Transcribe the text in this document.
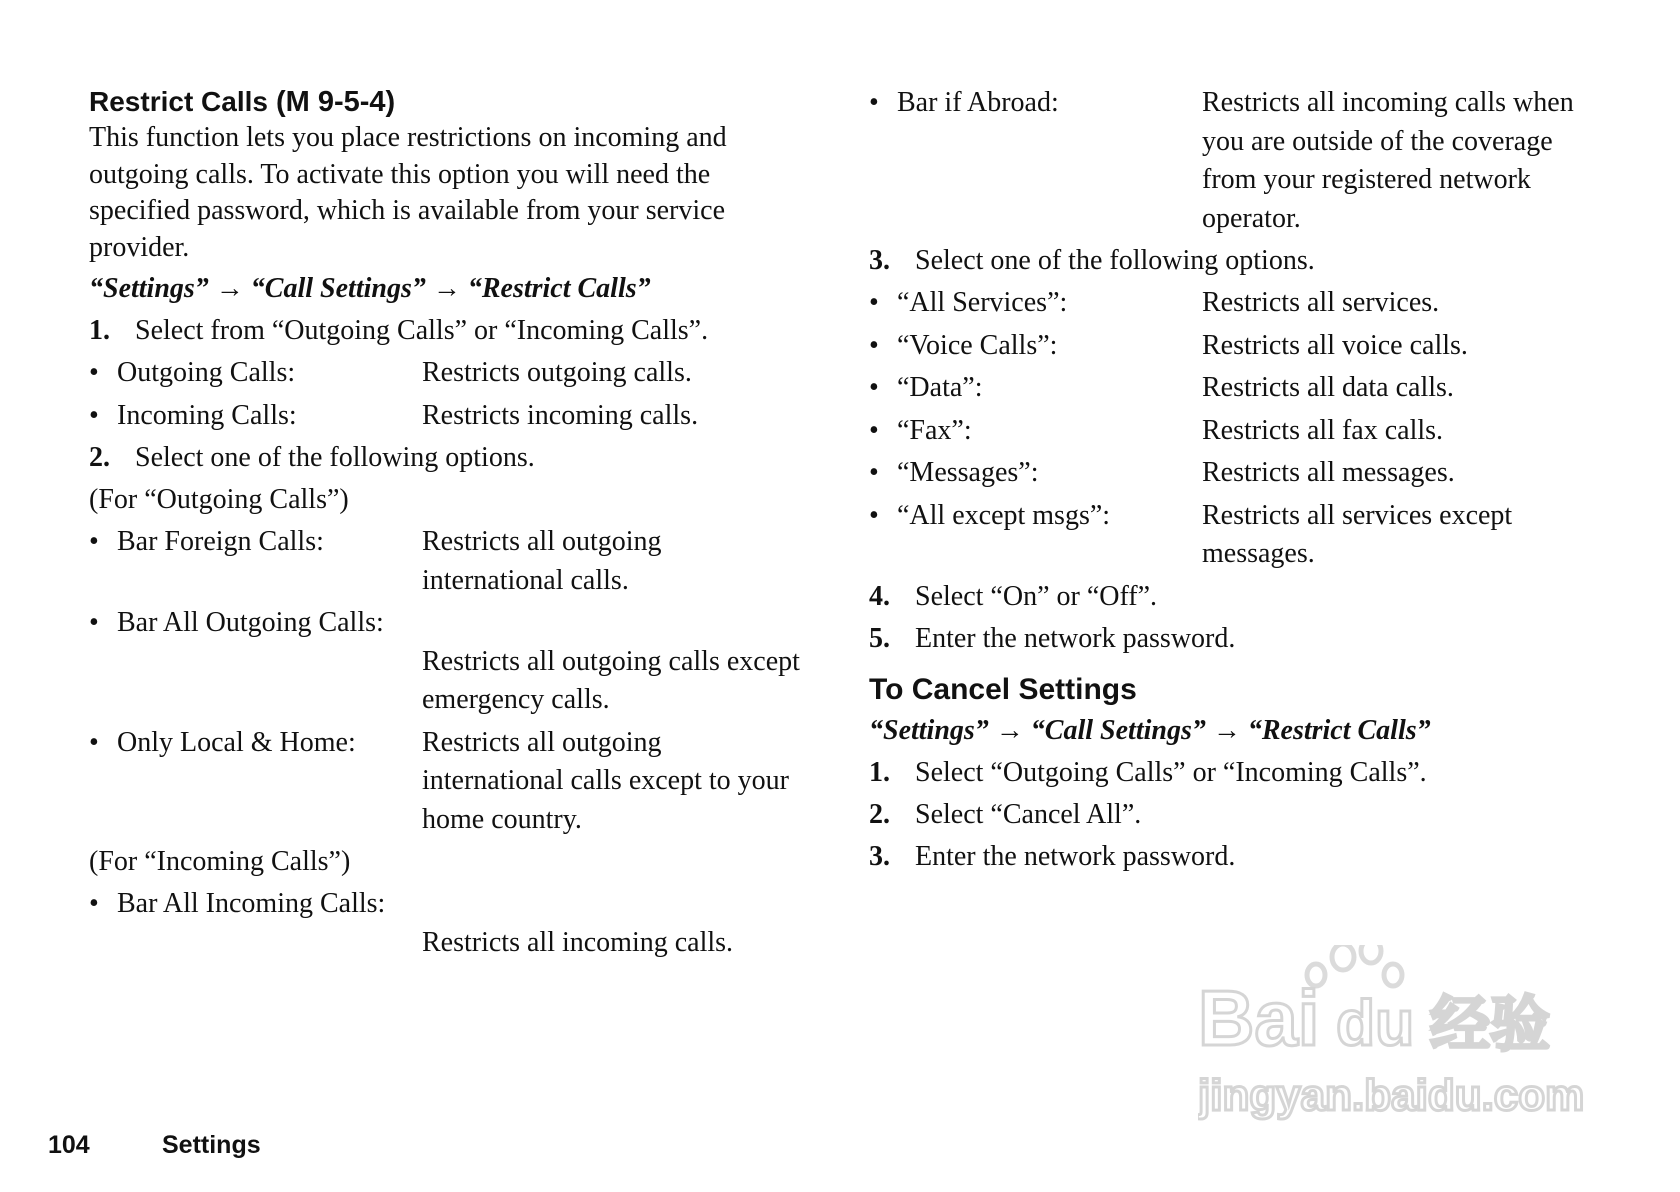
Restrict Calls (M 9-5-4)

This function lets you place restrictions on incoming and outgoing calls. To activate this option you will need the specified password, which is available from your service provider.

“Settings” → “Call Settings” → “Restrict Calls”

1. Select from “Outgoing Calls” or “Incoming Calls”.
• Outgoing Calls:	Restricts outgoing calls.
• Incoming Calls:	Restricts incoming calls.
2. Select one of the following options.

(For “Outgoing Calls”)

• Bar Foreign Calls:	Restricts all outgoing international calls.
• Bar All Outgoing Calls:
Restricts all outgoing calls except emergency calls.
• Only Local & Home:	Restricts all outgoing international calls except to your home country.

(For “Incoming Calls”)

• Bar All Incoming Calls:
Restricts all incoming calls.
• Bar if Abroad:	Restricts all incoming calls when you are outside of the coverage from your registered network operator.
3. Select one of the following options.
• “All Services”:	Restricts all services.
• “Voice Calls”:	Restricts all voice calls.
• “Data”:	Restricts all data calls.
• “Fax”:	Restricts all fax calls.
• “Messages”:	Restricts all messages.
• “All except msgs”:	Restricts all services except messages.
4. Select “On” or “Off”.
5. Enter the network password.
To Cancel Settings

“Settings” → “Call Settings” → “Restrict Calls”

1. Select “Outgoing Calls” or “Incoming Calls”.
2. Select “Cancel All”.
3. Enter the network password.
Bai du 经验
jingyan.baidu.com
104	Settings
